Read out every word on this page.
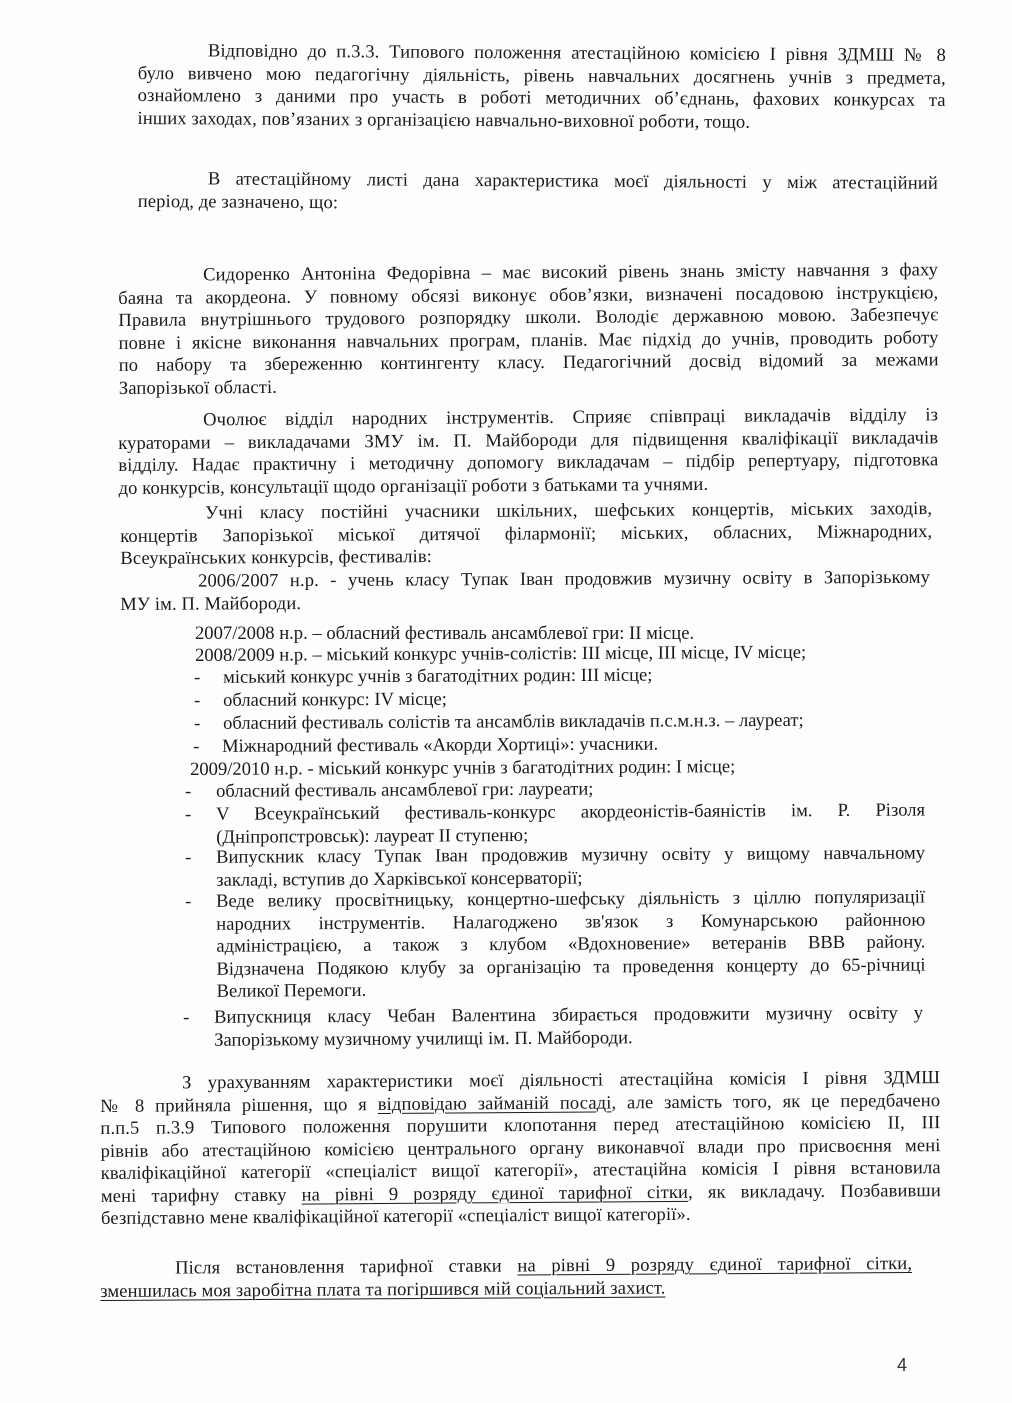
Відповідно до п.3.3. Типового положення атестаційною комісією І рівня ЗДМШ № 8
було вивчено мою педагогічну діяльність, рівень навчальних досягнень учнів з предмета,
ознайомлено з даними про участь в роботі методичних об’єднань, фахових конкурсах та
інших заходах, пов’язаних з організацією навчально-виховної роботи, тощо.
В атестаційному листі дана характеристика моєї діяльності у між атестаційний
період, де зазначено, що:
Сидоренко Антоніна Федорівна – має високий рівень знань змісту навчання з фаху
баяна та акордеона. У повному обсязі виконує обов’язки, визначені посадовою інструкцією,
Правила внутрішнього трудового розпорядку школи. Володіє державною мовою. Забезпечує
повне і якісне виконання навчальних програм, планів. Має підхід до учнів, проводить роботу
по набору та збереженню контингенту класу. Педагогічний досвід відомий за межами
Запорізької області.
Очолює відділ народних інструментів. Сприяє співпраці викладачів відділу із
кураторами – викладачами ЗМУ ім. П. Майбороди для підвищення кваліфікації викладачів
відділу. Надає практичну і методичну допомогу викладачам – підбір репертуару, підготовка
до конкурсів, консультації щодо організації роботи з батьками та учнями.
Учні класу постійні учасники шкільних, шефських концертів, міських заходів,
концертів Запорізької міської дитячої філармонії; міських, обласних, Міжнародних,
Всеукраїнських конкурсів, фестивалів:
2006/2007 н.р. - учень класу Тупак Іван продовжив музичну освіту в Запорізькому
МУ ім. П. Майбороди.
2007/2008 н.р. – обласний фестиваль ансамблевої гри: ІІ місце.
2008/2009 н.р. – міський конкурс учнів-солістів: ІІІ місце, ІІІ місце, IV місце;
-	міський конкурс учнів з багатодітних родин: ІІІ місце;
-	обласний конкурс: IV місце;
-	обласний фестиваль солістів та ансамблів викладачів п.с.м.н.з. – лауреат;
-	Міжнародний фестиваль «Акорди Хортиці»: учасники.
2009/2010 н.р. - міський конкурс учнів з багатодітних родин: І місце;
-	обласний фестиваль ансамблевої гри: лауреати;
- V Всеукраїнський фестиваль-конкурс акордеоністів-баяністів ім. Р. Різоля
(Дніпропстровськ): лауреат ІІ ступеню;
- Випускник класу Тупак Іван продовжив музичну освіту у вищому навчальному
закладі, вступив до Харківської консерваторії;
- Веде велику просвітницьку, концертно-шефську діяльність з ціллю популяризації
народних інструментів. Налагоджено зв'язок з Комунарською районною
адміністрацією, а також з клубом «Вдохновение» ветеранів ВВВ району.
Відзначена Подякою клубу за організацію та проведення концерту до 65-річниці
Великої Перемоги.
- Випускниця класу Чебан Валентина збирається продовжити музичну освіту у
Запорізькому музичному училищі ім. П. Майбороди.
З урахуванням характеристики моєї діяльності атестаційна комісія І рівня ЗДМШ
№ 8 прийняла рішення, що я відповідаю займаній посаді, але замість того, як це передбачено
п.п.5 п.3.9 Типового положення порушити клопотання перед атестаційною комісією ІІ, ІІІ
рівнів або атестаційною комісією центрального органу виконавчої влади про присвоєння мені
кваліфікаційної категорії «спеціаліст вищої категорії», атестаційна комісія І рівня встановила
мені тарифну ставку на рівні 9 розряду єдиної тарифної сітки, як викладачу. Позбавивши
безпідставно мене кваліфікаційної категорії «спеціаліст вищої категорії».
Після встановлення тарифної ставки на рівні 9 розряду єдиної тарифної сітки,
зменшилась моя заробітна плата та погіршився мій соціальний захист.
4
